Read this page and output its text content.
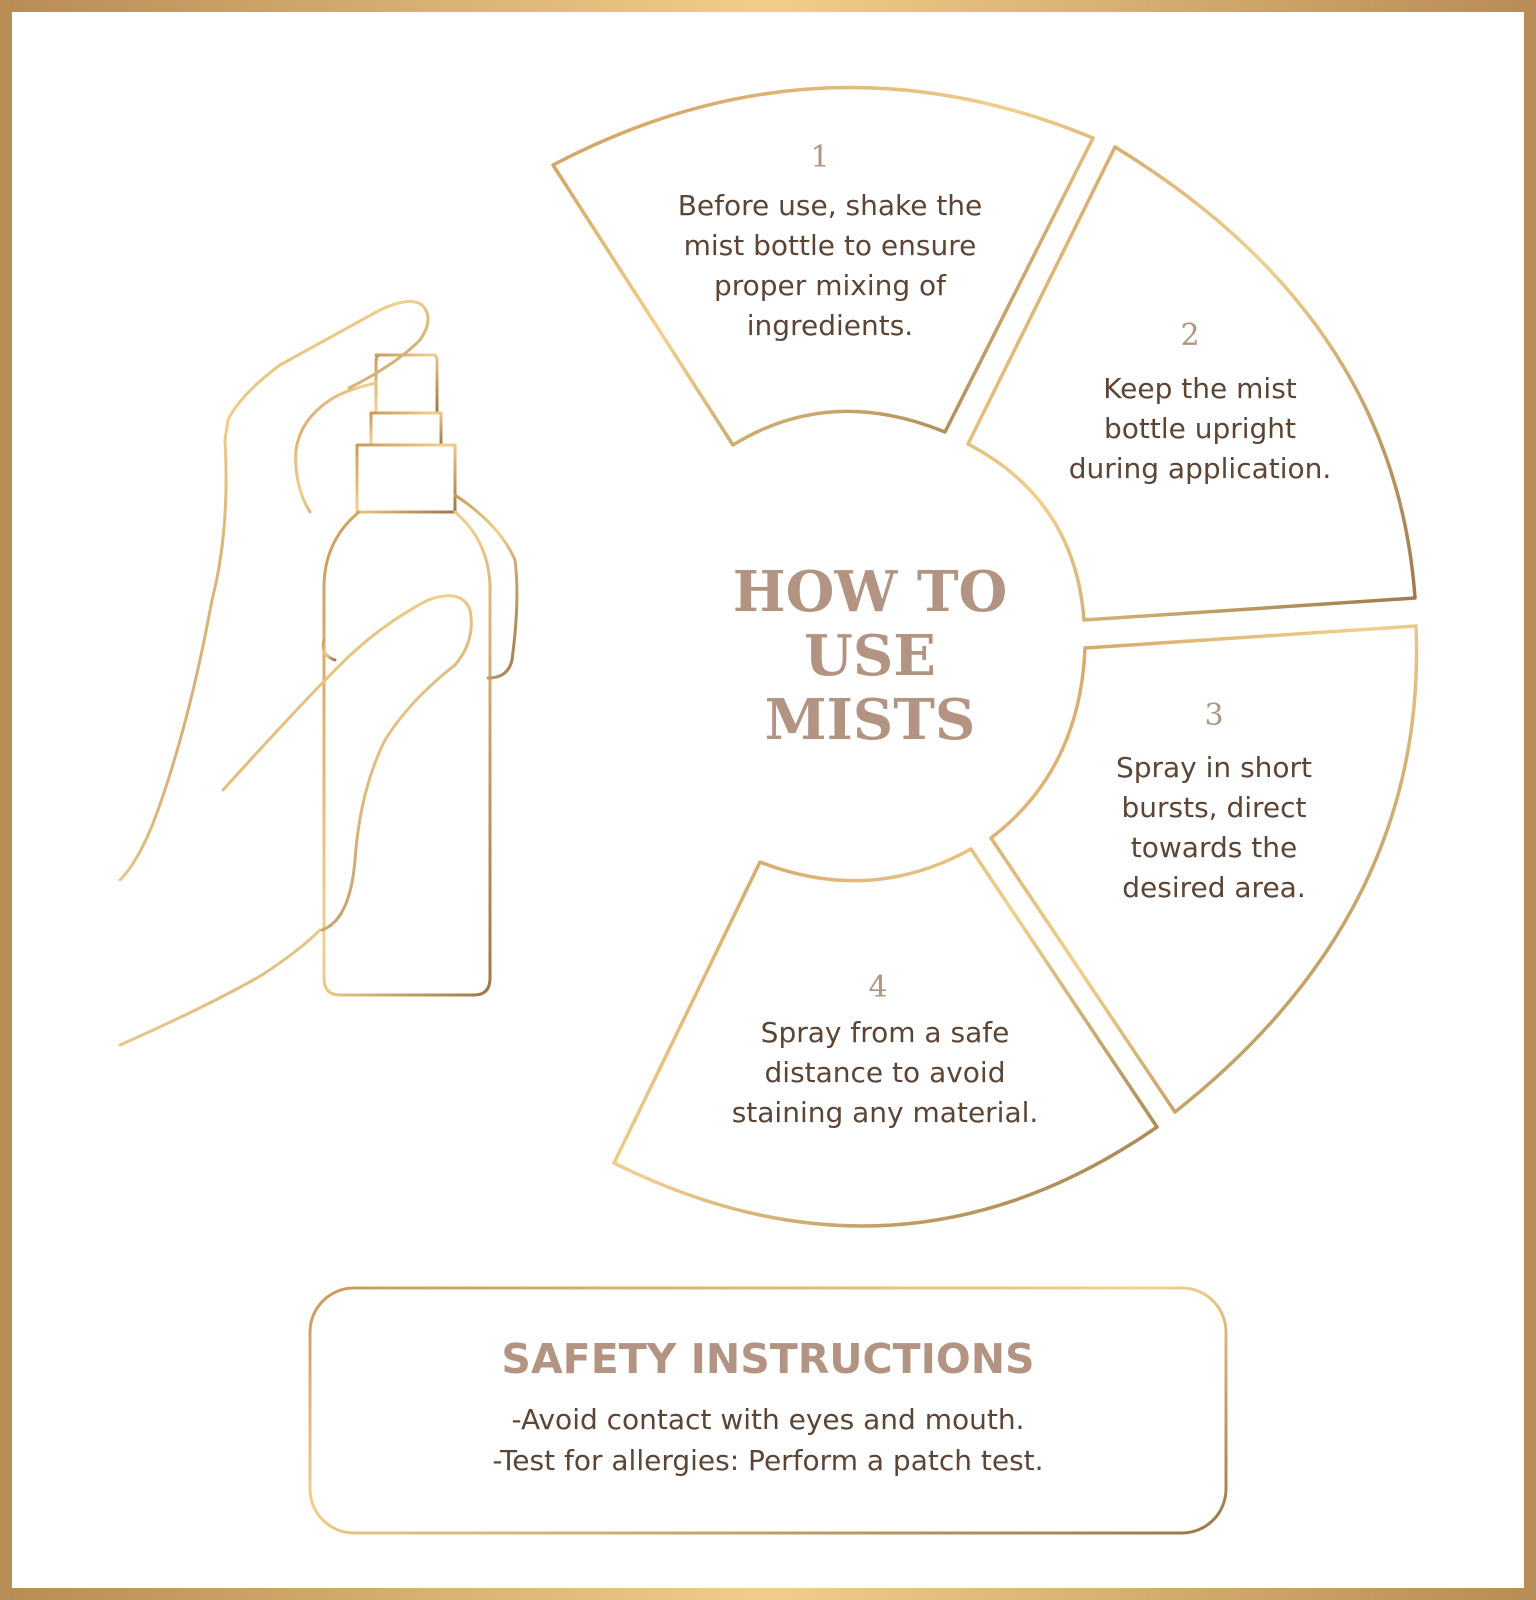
1
Before use, shake the
mist bottle to ensure
proper mixing of
ingredients.	2
Keep the mist
bottle upright
during application.
3
Spray in short
bursts, direct
towards the
desired area.
4
Spray from a safe
distance to avoid
staining any material.
HOW TO
USE
MISTS
SAFETY INSTRUCTIONS
-Avoid contact with eyes and mouth.
-Test for allergies: Perform a patch test.
